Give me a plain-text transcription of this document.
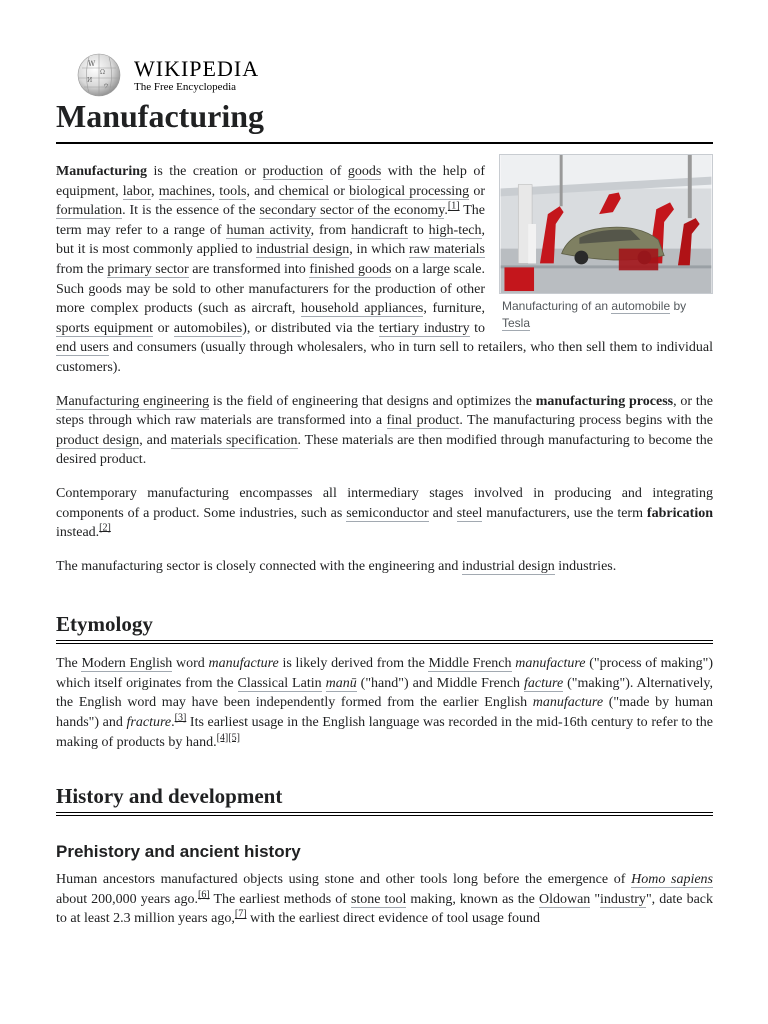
W
Ω
И
ウ
WIKIPEDIA
The Free Encyclopedia
Manufacturing
Manufacturing of an automobile by Tesla

Manufacturing is the creation or production of goods with the help of equipment, labor, machines, tools, and chemical or biological processing or formulation. It is the essence of the secondary sector of the economy.[1] The term may refer to a range of human activity, from handicraft to high-tech, but it is most commonly applied to industrial design, in which raw materials from the primary sector are transformed into finished goods on a large scale. Such goods may be sold to other manufacturers for the production of other more complex products (such as aircraft, household appliances, furniture, sports equipment or automobiles), or distributed via the tertiary industry to end users and consumers (usually through wholesalers, who in turn sell to retailers, who then sell them to individual customers).

Manufacturing engineering is the field of engineering that designs and optimizes the manufacturing process, or the steps through which raw materials are transformed into a final product. The manufacturing process begins with the product design, and materials specification. These materials are then modified through manufacturing to become the desired product.

Contemporary manufacturing encompasses all intermediary stages involved in producing and integrating components of a product. Some industries, such as semiconductor and steel manufacturers, use the term fabrication instead.[2]

The manufacturing sector is closely connected with the engineering and industrial design industries.

Etymology

The Modern English word manufacture is likely derived from the Middle French manufacture ("process of making") which itself originates from the Classical Latin manū ("hand") and Middle French facture ("making"). Alternatively, the English word may have been independently formed from the earlier English manufacture ("made by human hands") and fracture.[3] Its earliest usage in the English language was recorded in the mid-16th century to refer to the making of products by hand.[4][5]

History and development
Prehistory and ancient history

Human ancestors manufactured objects using stone and other tools long before the emergence of Homo sapiens about 200,000 years ago.[6] The earliest methods of stone tool making, known as the Oldowan "industry", date back to at least 2.3 million years ago,[7] with the earliest direct evidence of tool usage found
